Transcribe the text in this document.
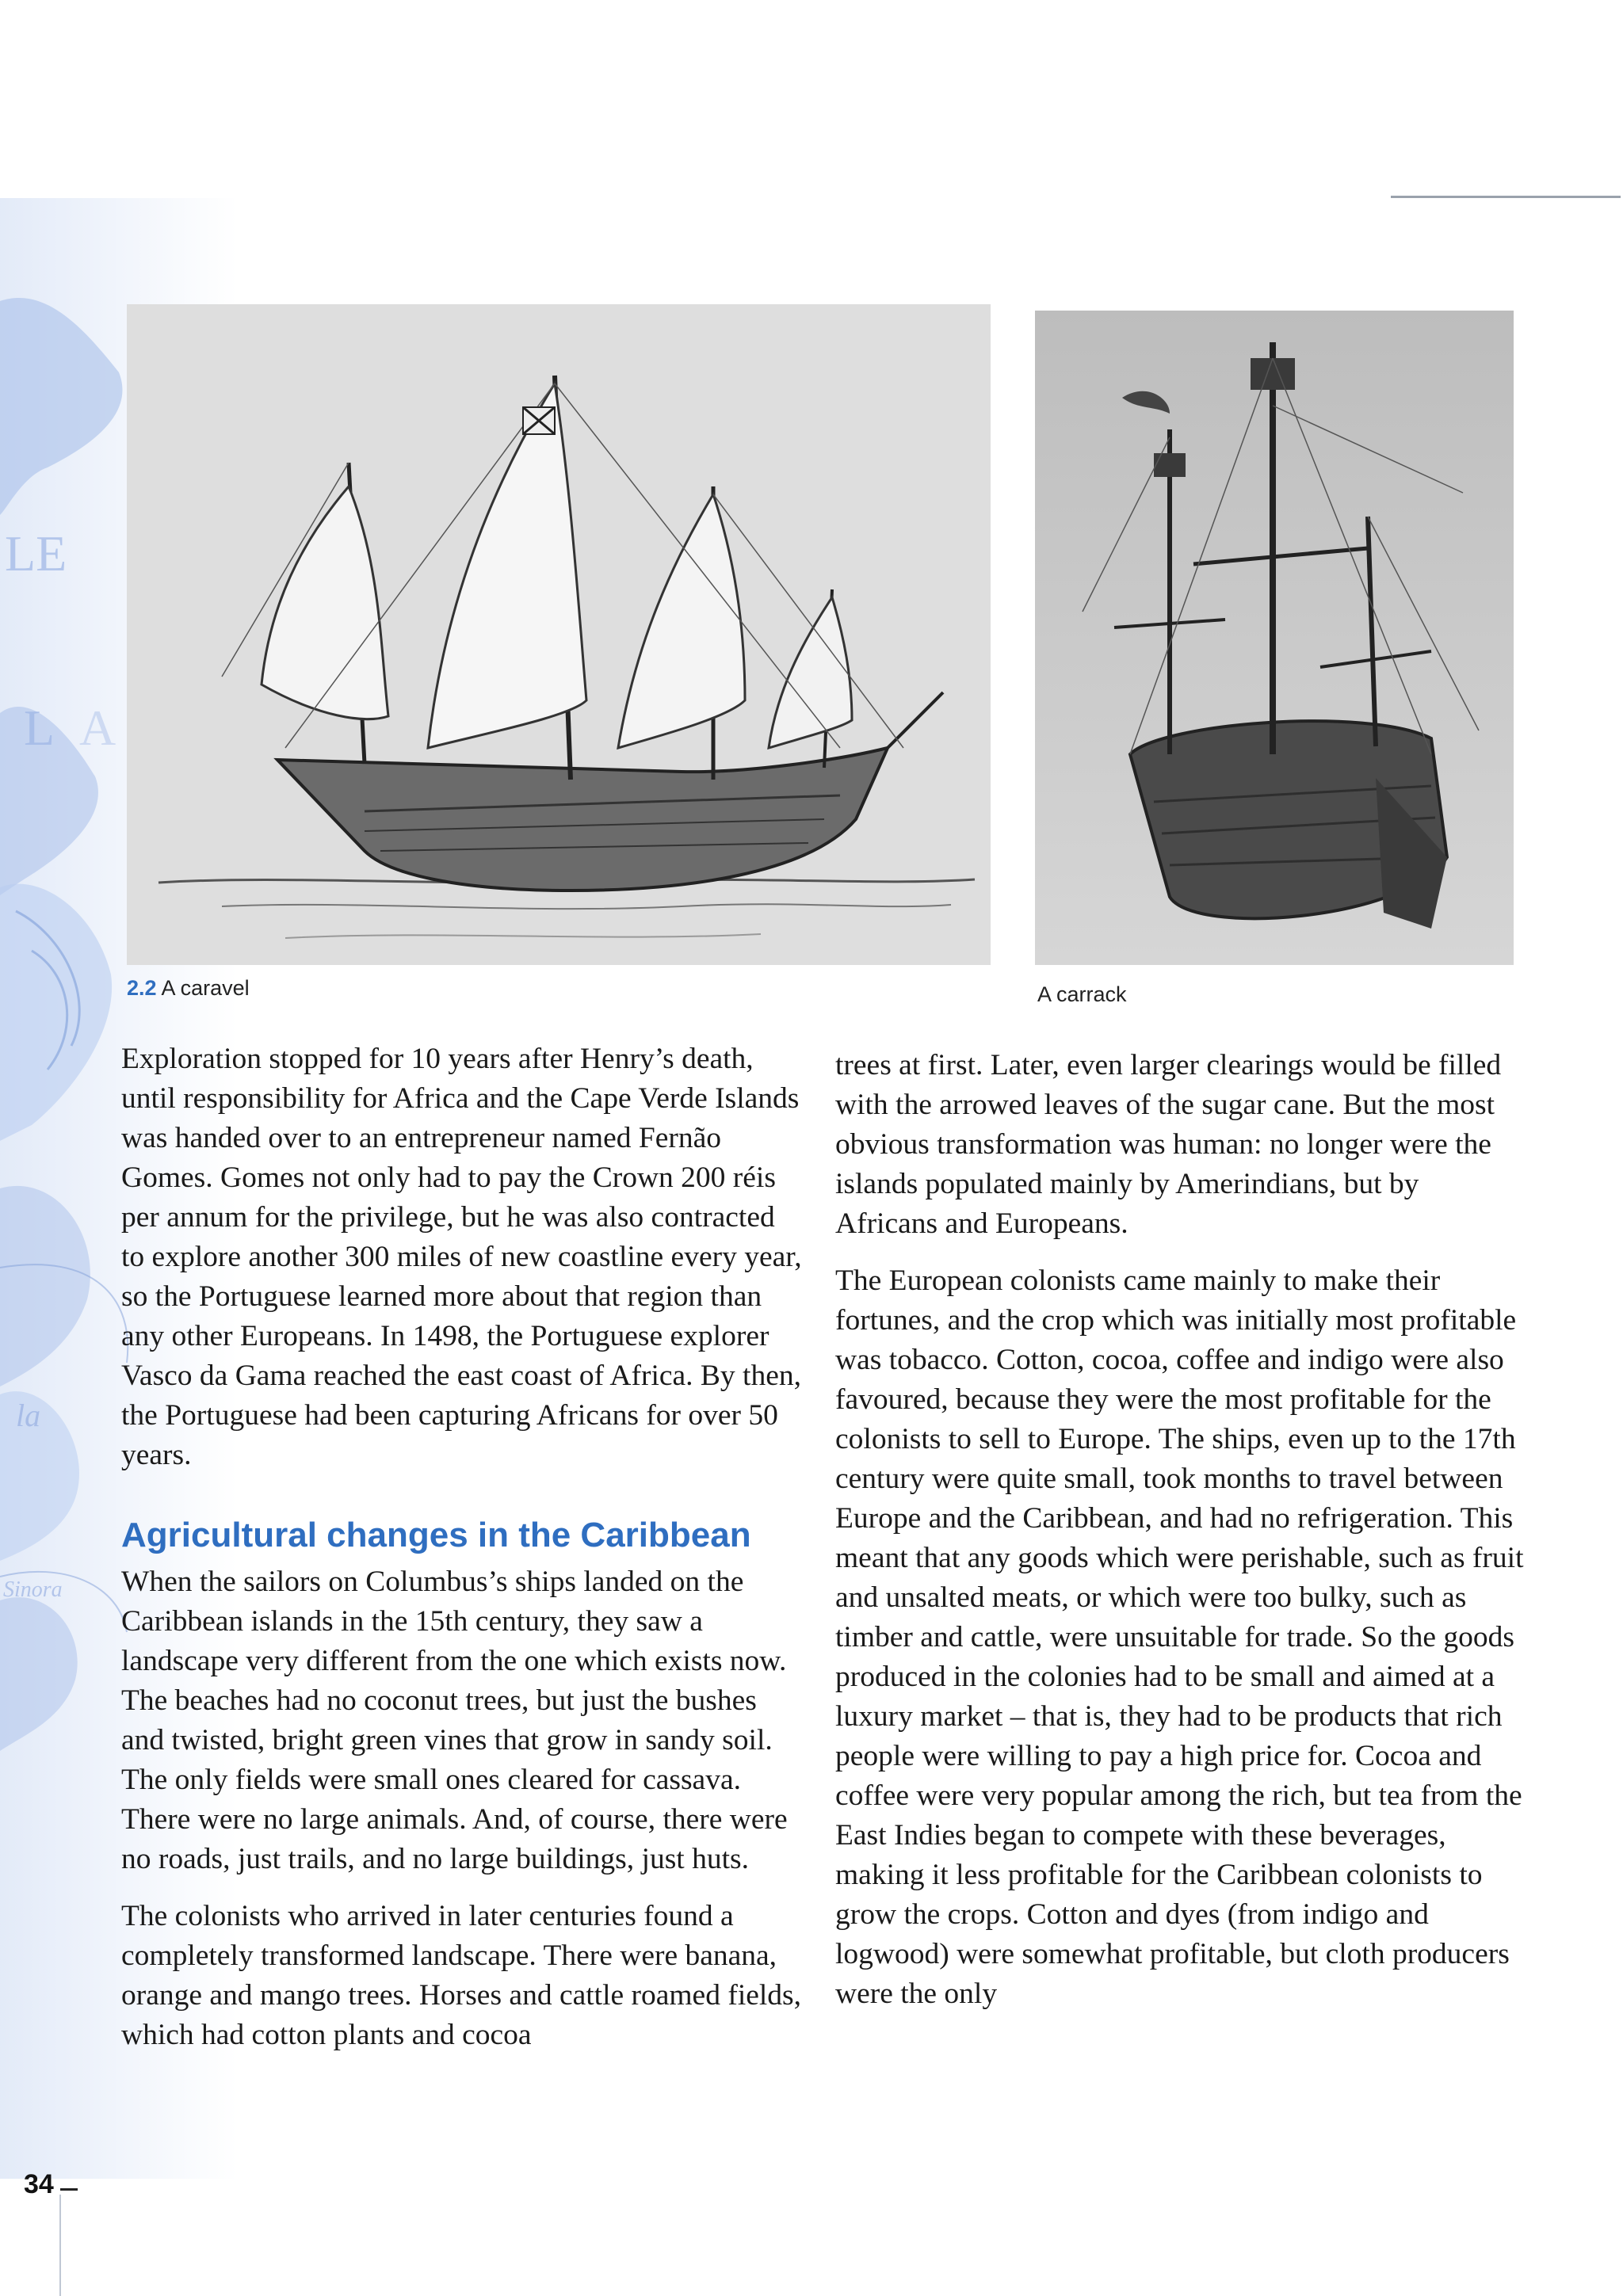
LE
L A
la
Sinora
2.2 A caravel	A carrack

Exploration stopped for 10 years after Henry’s death, until responsibility for Africa and the Cape Verde Islands was handed over to an entrepreneur named Fernão Gomes. Gomes not only had to pay the Crown 200 réis per annum for the privilege, but he was also contracted to explore another 300 miles of new coastline every year, so the Portuguese learned more about that region than any other Europeans. In 1498, the Portuguese explorer Vasco da Gama reached the east coast of Africa. By then, the Portuguese had been capturing Africans for over 50 years.

Agricultural changes in the Caribbean

When the sailors on Columbus’s ships landed on the Caribbean islands in the 15th century, they saw a landscape very different from the one which exists now. The beaches had no coconut trees, but just the bushes and twisted, bright green vines that grow in sandy soil. The only fields were small ones cleared for cassava. There were no large animals. And, of course, there were no roads, just trails, and no large buildings, just huts.

The colonists who arrived in later centuries found a completely transformed landscape. There were banana, orange and mango trees. Horses and cattle roamed fields, which had cotton plants and cocoa

trees at first. Later, even larger clearings would be filled with the arrowed leaves of the sugar cane. But the most obvious transformation was human: no longer were the islands populated mainly by Amerindians, but by Africans and Europeans.

The European colonists came mainly to make their fortunes, and the crop which was initially most profitable was tobacco. Cotton, cocoa, coffee and indigo were also favoured, because they were the most profitable for the colonists to sell to Europe. The ships, even up to the 17th century were quite small, took months to travel between Europe and the Caribbean, and had no refrigeration. This meant that any goods which were perishable, such as fruit and unsalted meats, or which were too bulky, such as timber and cattle, were unsuitable for trade. So the goods produced in the colonies had to be small and aimed at a luxury market – that is, they had to be products that rich people were willing to pay a high price for. Cocoa and coffee were very popular among the rich, but tea from the East Indies began to compete with these beverages, making it less profitable for the Caribbean colonists to grow the crops. Cotton and dyes (from indigo and logwood) were somewhat profitable, but cloth producers were the only

34
